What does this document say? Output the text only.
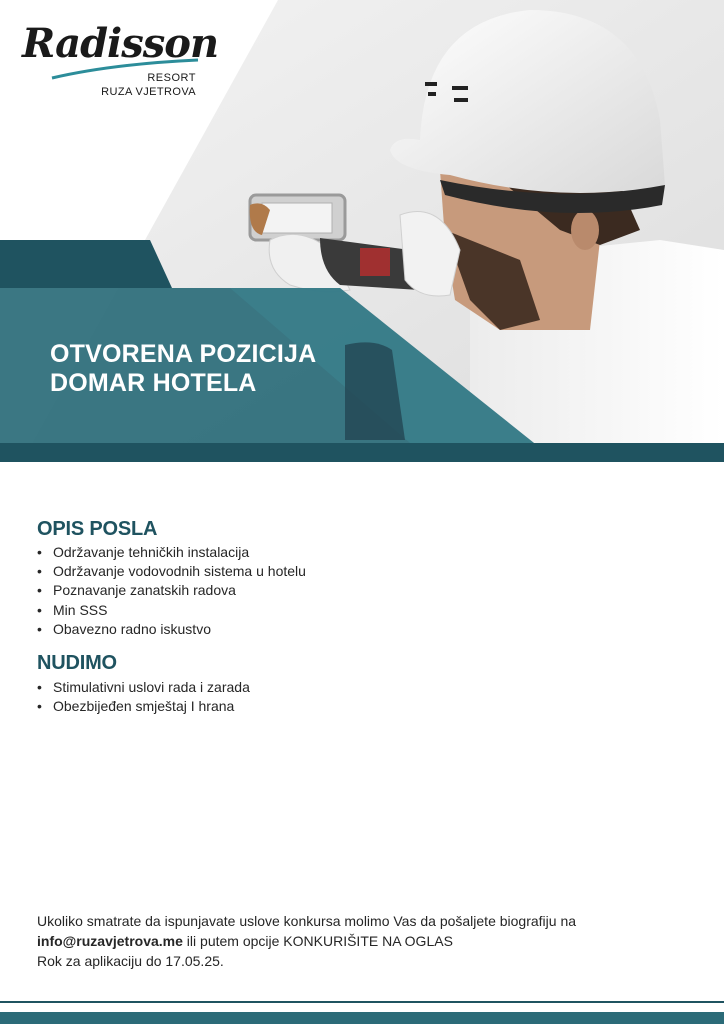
Radisson
RESORT
RUZA VJETROVA
OTVORENA POZICIJA
DOMAR HOTELA
OPIS POSLA
• Održavanje tehničkih instalacija
• Održavanje vodovodnih sistema u hotelu
• Poznavanje zanatskih radova
• Min SSS
• Obavezno radno iskustvo
NUDIMO
• Stimulativni uslovi rada i zarada
• Obezbijeđen smještaj I hrana
Ukoliko smatrate da ispunjavate uslove konkursa molimo Vas da pošaljete biografiju na
info@ruzavjetrova.me ili putem opcije KONKURIŠITE NA OGLAS
Rok za aplikaciju do 17.05.25.
